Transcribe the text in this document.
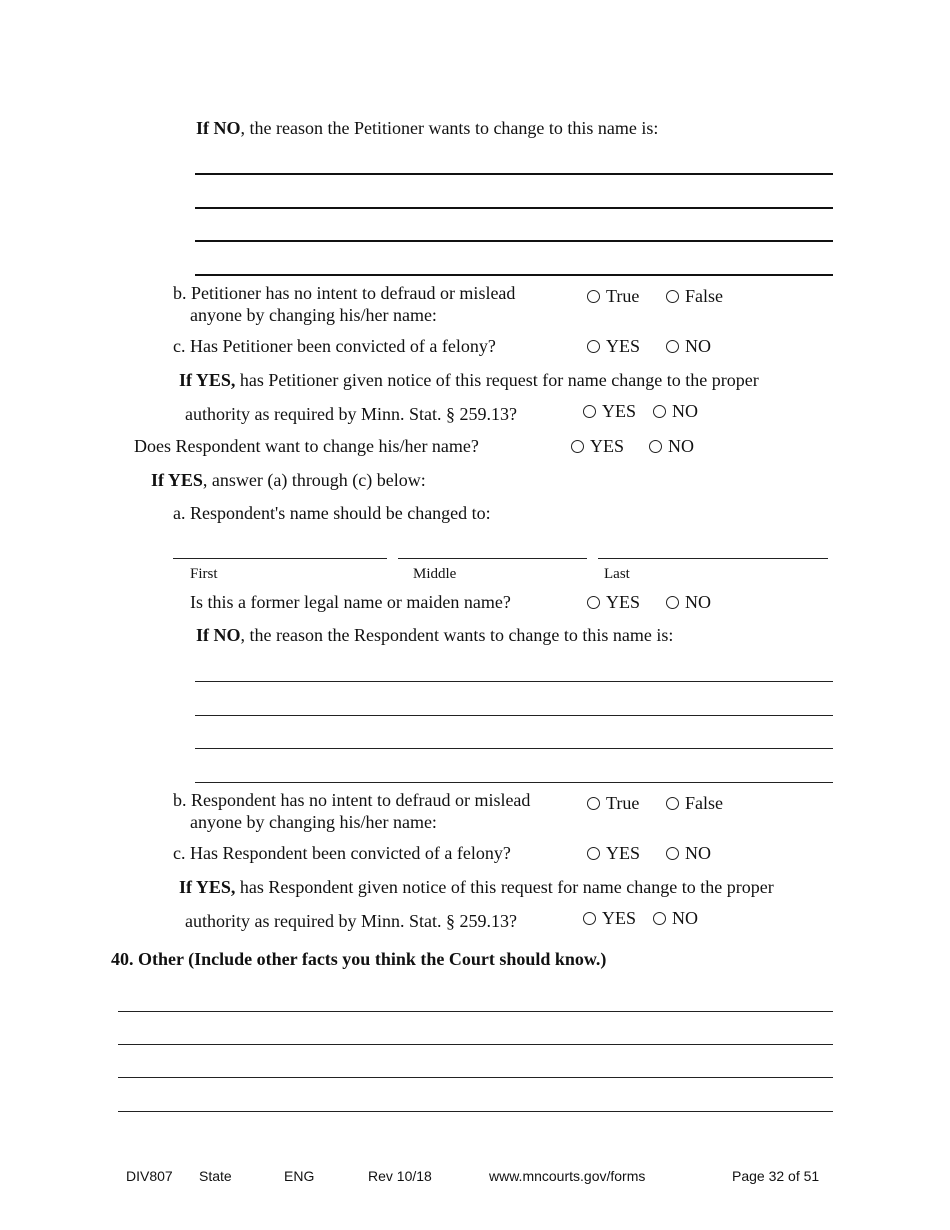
If NO, the reason the Petitioner wants to change to this name is:
b. Petitioner has no intent to defraud or mislead
anyone by changing his/her name:
True	False
c. Has Petitioner been convicted of a felony?	YES NO
If YES, has Petitioner given notice of this request for name change to the proper
authority as required by Minn. Stat. § 259.13?	YES NO
Does Respondent want to change his/her name?	YES NO
If YES, answer (a) through (c) below:
a. Respondent's name should be changed to:
First	Middle	Last
Is this a former legal name or maiden name?	YES NO
If NO, the reason the Respondent wants to change to this name is:
b. Respondent has no intent to defraud or mislead
anyone by changing his/her name:
True	False
c. Has Respondent been convicted of a felony?	YES NO
If YES, has Respondent given notice of this request for name change to the proper
authority as required by Minn. Stat. § 259.13?	YES NO
40. Other (Include other facts you think the Court should know.)
DIV807 State	ENG	Rev 10/18	www.mncourts.gov/forms	Page 32 of 51
